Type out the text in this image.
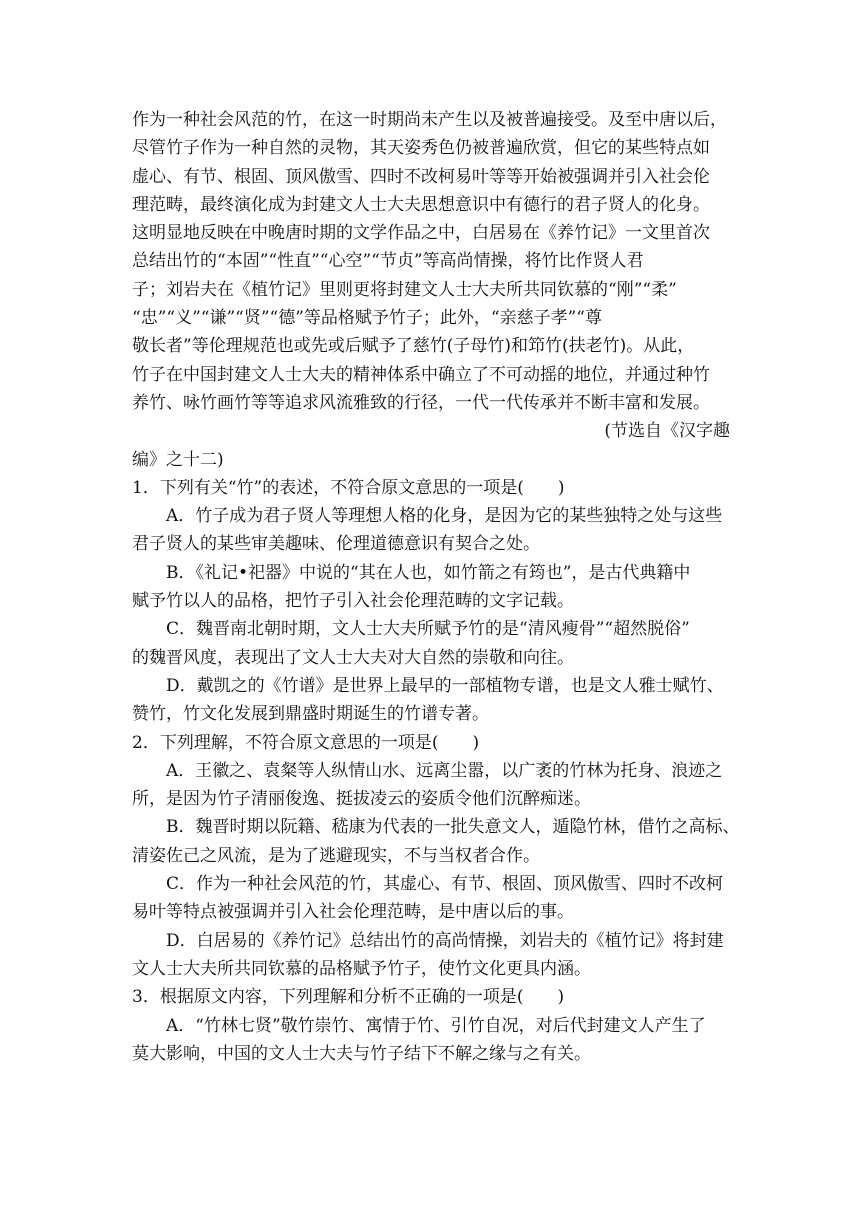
作为一种社会风范的竹，在这一时期尚未产生以及被普遍接受。及至中唐以后，
尽管竹子作为一种自然的灵物，其天姿秀色仍被普遍欣赏，但它的某些特点如
虚心、有节、根固、顶风傲雪、四时不改柯易叶等等开始被强调并引入社会伦
理范畴，最终演化成为封建文人士大夫思想意识中有德行的君子贤人的化身。
这明显地反映在中晚唐时期的文学作品之中，白居易在《养竹记》一文里首次
总结出竹的“本固”“性直”“心空”“节贞”等高尚情操，将竹比作贤人君
子；刘岩夫在《植竹记》里则更将封建文人士大夫所共同钦慕的“刚”“柔”
“忠”“义”“谦”“贤”“德”等品格赋予竹子；此外，“亲慈子孝”“尊
敬长者”等伦理规范也或先或后赋予了慈竹(子母竹)和笻竹(扶老竹)。从此，
竹子在中国封建文人士大夫的精神体系中确立了不可动摇的地位，并通过种竹
养竹、咏竹画竹等等追求风流雅致的行径，一代一代传承并不断丰富和发展。
(节选自《汉字趣
编》之十二)
1．下列有关“竹”的表述，不符合原文意思的一项是(　　)
A．竹子成为君子贤人等理想人格的化身，是因为它的某些独特之处与这些
君子贤人的某些审美趣味、伦理道德意识有契合之处。
B．《礼记•祀器》中说的“其在人也，如竹箭之有筠也”，是古代典籍中
赋予竹以人的品格，把竹子引入社会伦理范畴的文字记载。
C．魏晋南北朝时期，文人士大夫所赋予竹的是“清风瘦骨”“超然脱俗”
的魏晋风度，表现出了文人士大夫对大自然的崇敬和向往。
D．戴凯之的《竹谱》是世界上最早的一部植物专谱，也是文人雅士赋竹、
赞竹，竹文化发展到鼎盛时期诞生的竹谱专著。
2．下列理解，不符合原文意思的一项是(　　)
A．王徽之、袁粲等人纵情山水、远离尘嚣，以广袤的竹林为托身、浪迹之
所，是因为竹子清丽俊逸、挺拔凌云的姿质令他们沉醉痴迷。
B．魏晋时期以阮籍、嵇康为代表的一批失意文人，遁隐竹林，借竹之高标、
清姿佐己之风流，是为了逃避现实，不与当权者合作。
C．作为一种社会风范的竹，其虚心、有节、根固、顶风傲雪、四时不改柯
易叶等特点被强调并引入社会伦理范畴，是中唐以后的事。
D．白居易的《养竹记》总结出竹的高尚情操，刘岩夫的《植竹记》将封建
文人士大夫所共同钦慕的品格赋予竹子，使竹文化更具内涵。
3．根据原文内容，下列理解和分析不正确的一项是(　　)
A．“竹林七贤”敬竹崇竹、寓情于竹、引竹自况，对后代封建文人产生了
莫大影响，中国的文人士大夫与竹子结下不解之缘与之有关。
